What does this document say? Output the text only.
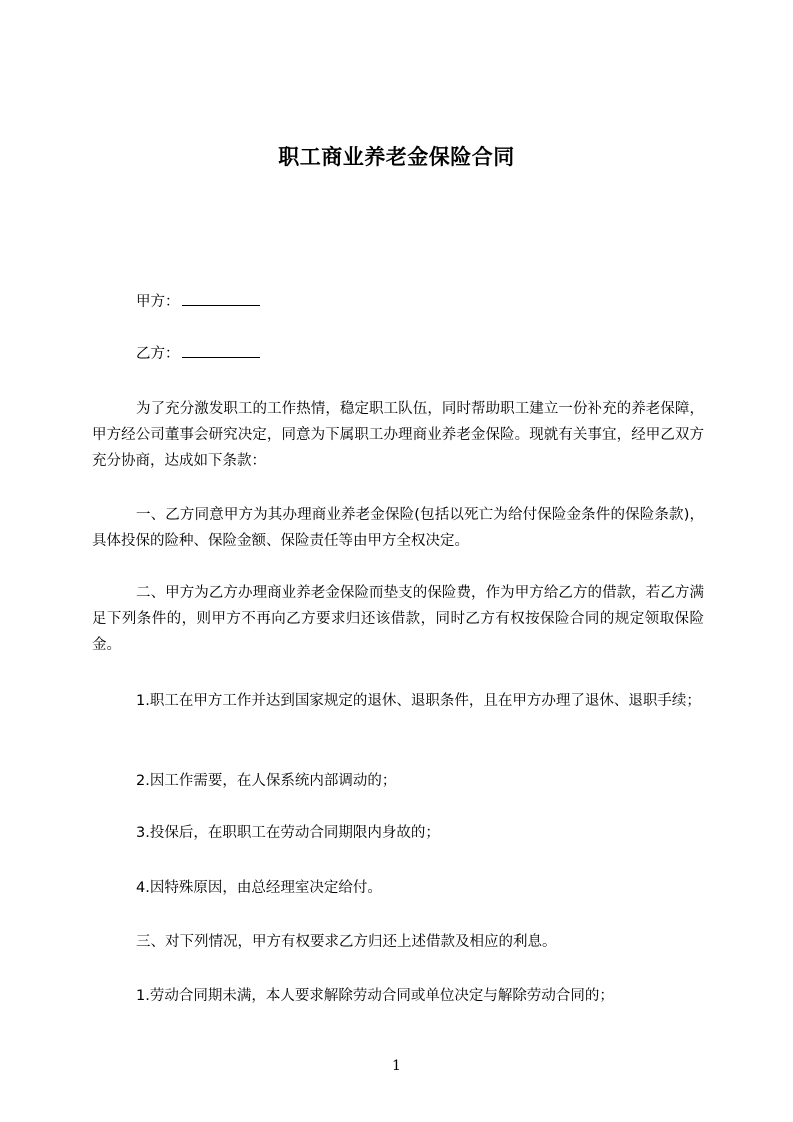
职工商业养老金保险合同

甲方：

乙方：

为了充分激发职工的工作热情，稳定职工队伍，同时帮助职工建立一份补充的养老保障，甲方经公司董事会研究决定，同意为下属职工办理商业养老金保险。现就有关事宜，经甲乙双方充分协商，达成如下条款：

一、乙方同意甲方为其办理商业养老金保险(包括以死亡为给付保险金条件的保险条款)，具体投保的险种、保险金额、保险责任等由甲方全权决定。

二、甲方为乙方办理商业养老金保险而垫支的保险费，作为甲方给乙方的借款，若乙方满足下列条件的，则甲方不再向乙方要求归还该借款，同时乙方有权按保险合同的规定领取保险金。

1.职工在甲方工作并达到国家规定的退休、退职条件，且在甲方办理了退休、退职手续；

2.因工作需要，在人保系统内部调动的；

3.投保后，在职职工在劳动合同期限内身故的；

4.因特殊原因，由总经理室决定给付。

三、对下列情况，甲方有权要求乙方归还上述借款及相应的利息。

1.劳动合同期未满，本人要求解除劳动合同或单位决定与解除劳动合同的；

1
